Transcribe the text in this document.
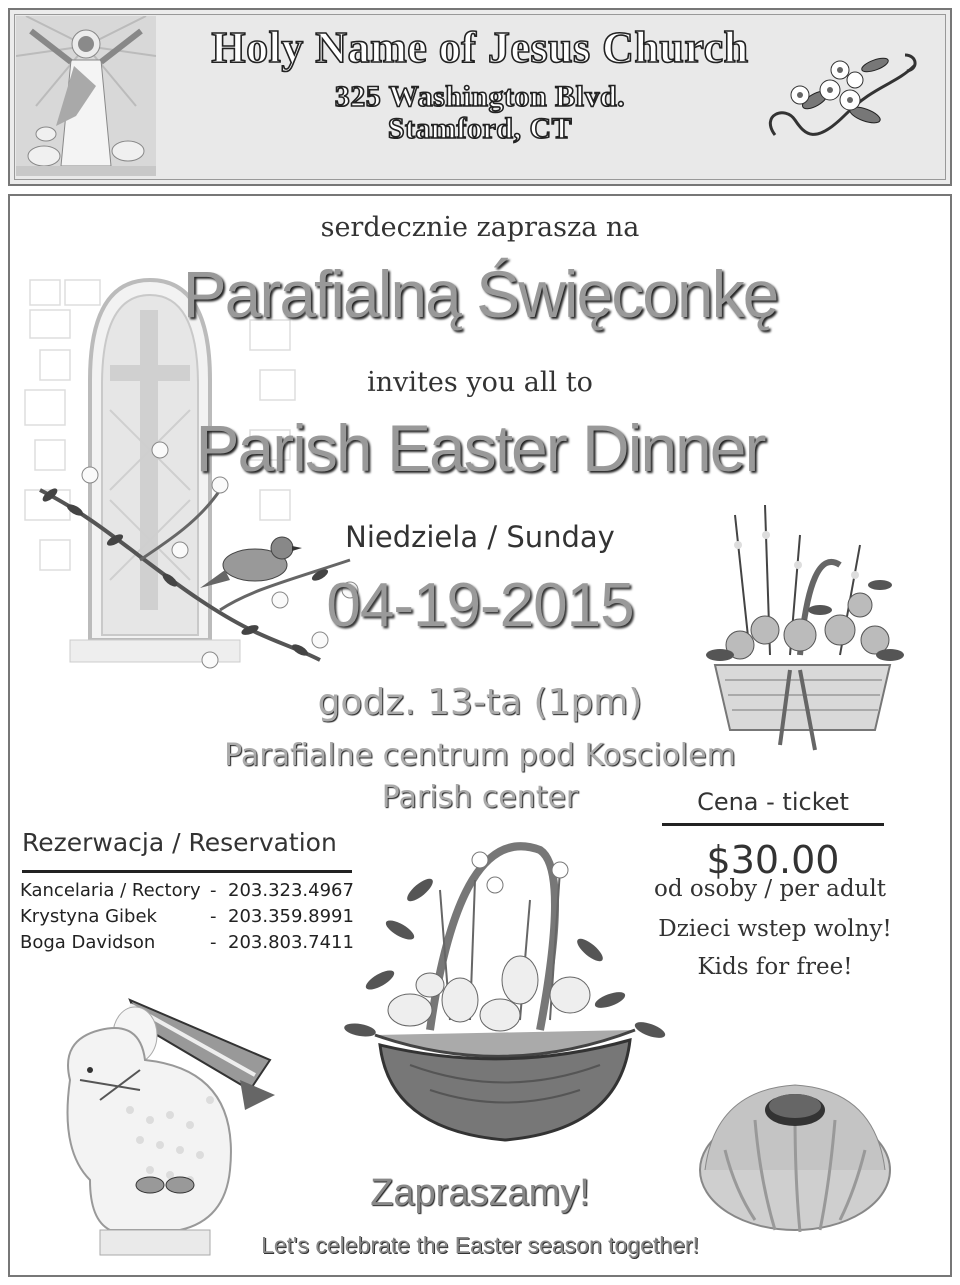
Holy Name of Jesus Church
325 Washington Blvd.
Stamford, CT
serdecznie zaprasza na
Parafialną Święconkę
invites you all to
Parish Easter Dinner
Niedziela / Sunday
04-19-2015
godz. 13-ta (1pm)
Parafialne centrum pod Kosciolem
Parish center	Cena - ticket
$30.00
od osoby / per adult
Dzieci wstep wolny!
Kids for free!
Rezerwacja / Reservation
Kancelaria / Rectory - 203.323.4967
Krystyna Gibek	- 203.359.8991
Boga Davidson	- 203.803.7411
Zapraszamy!
Let's celebrate the Easter season together!
